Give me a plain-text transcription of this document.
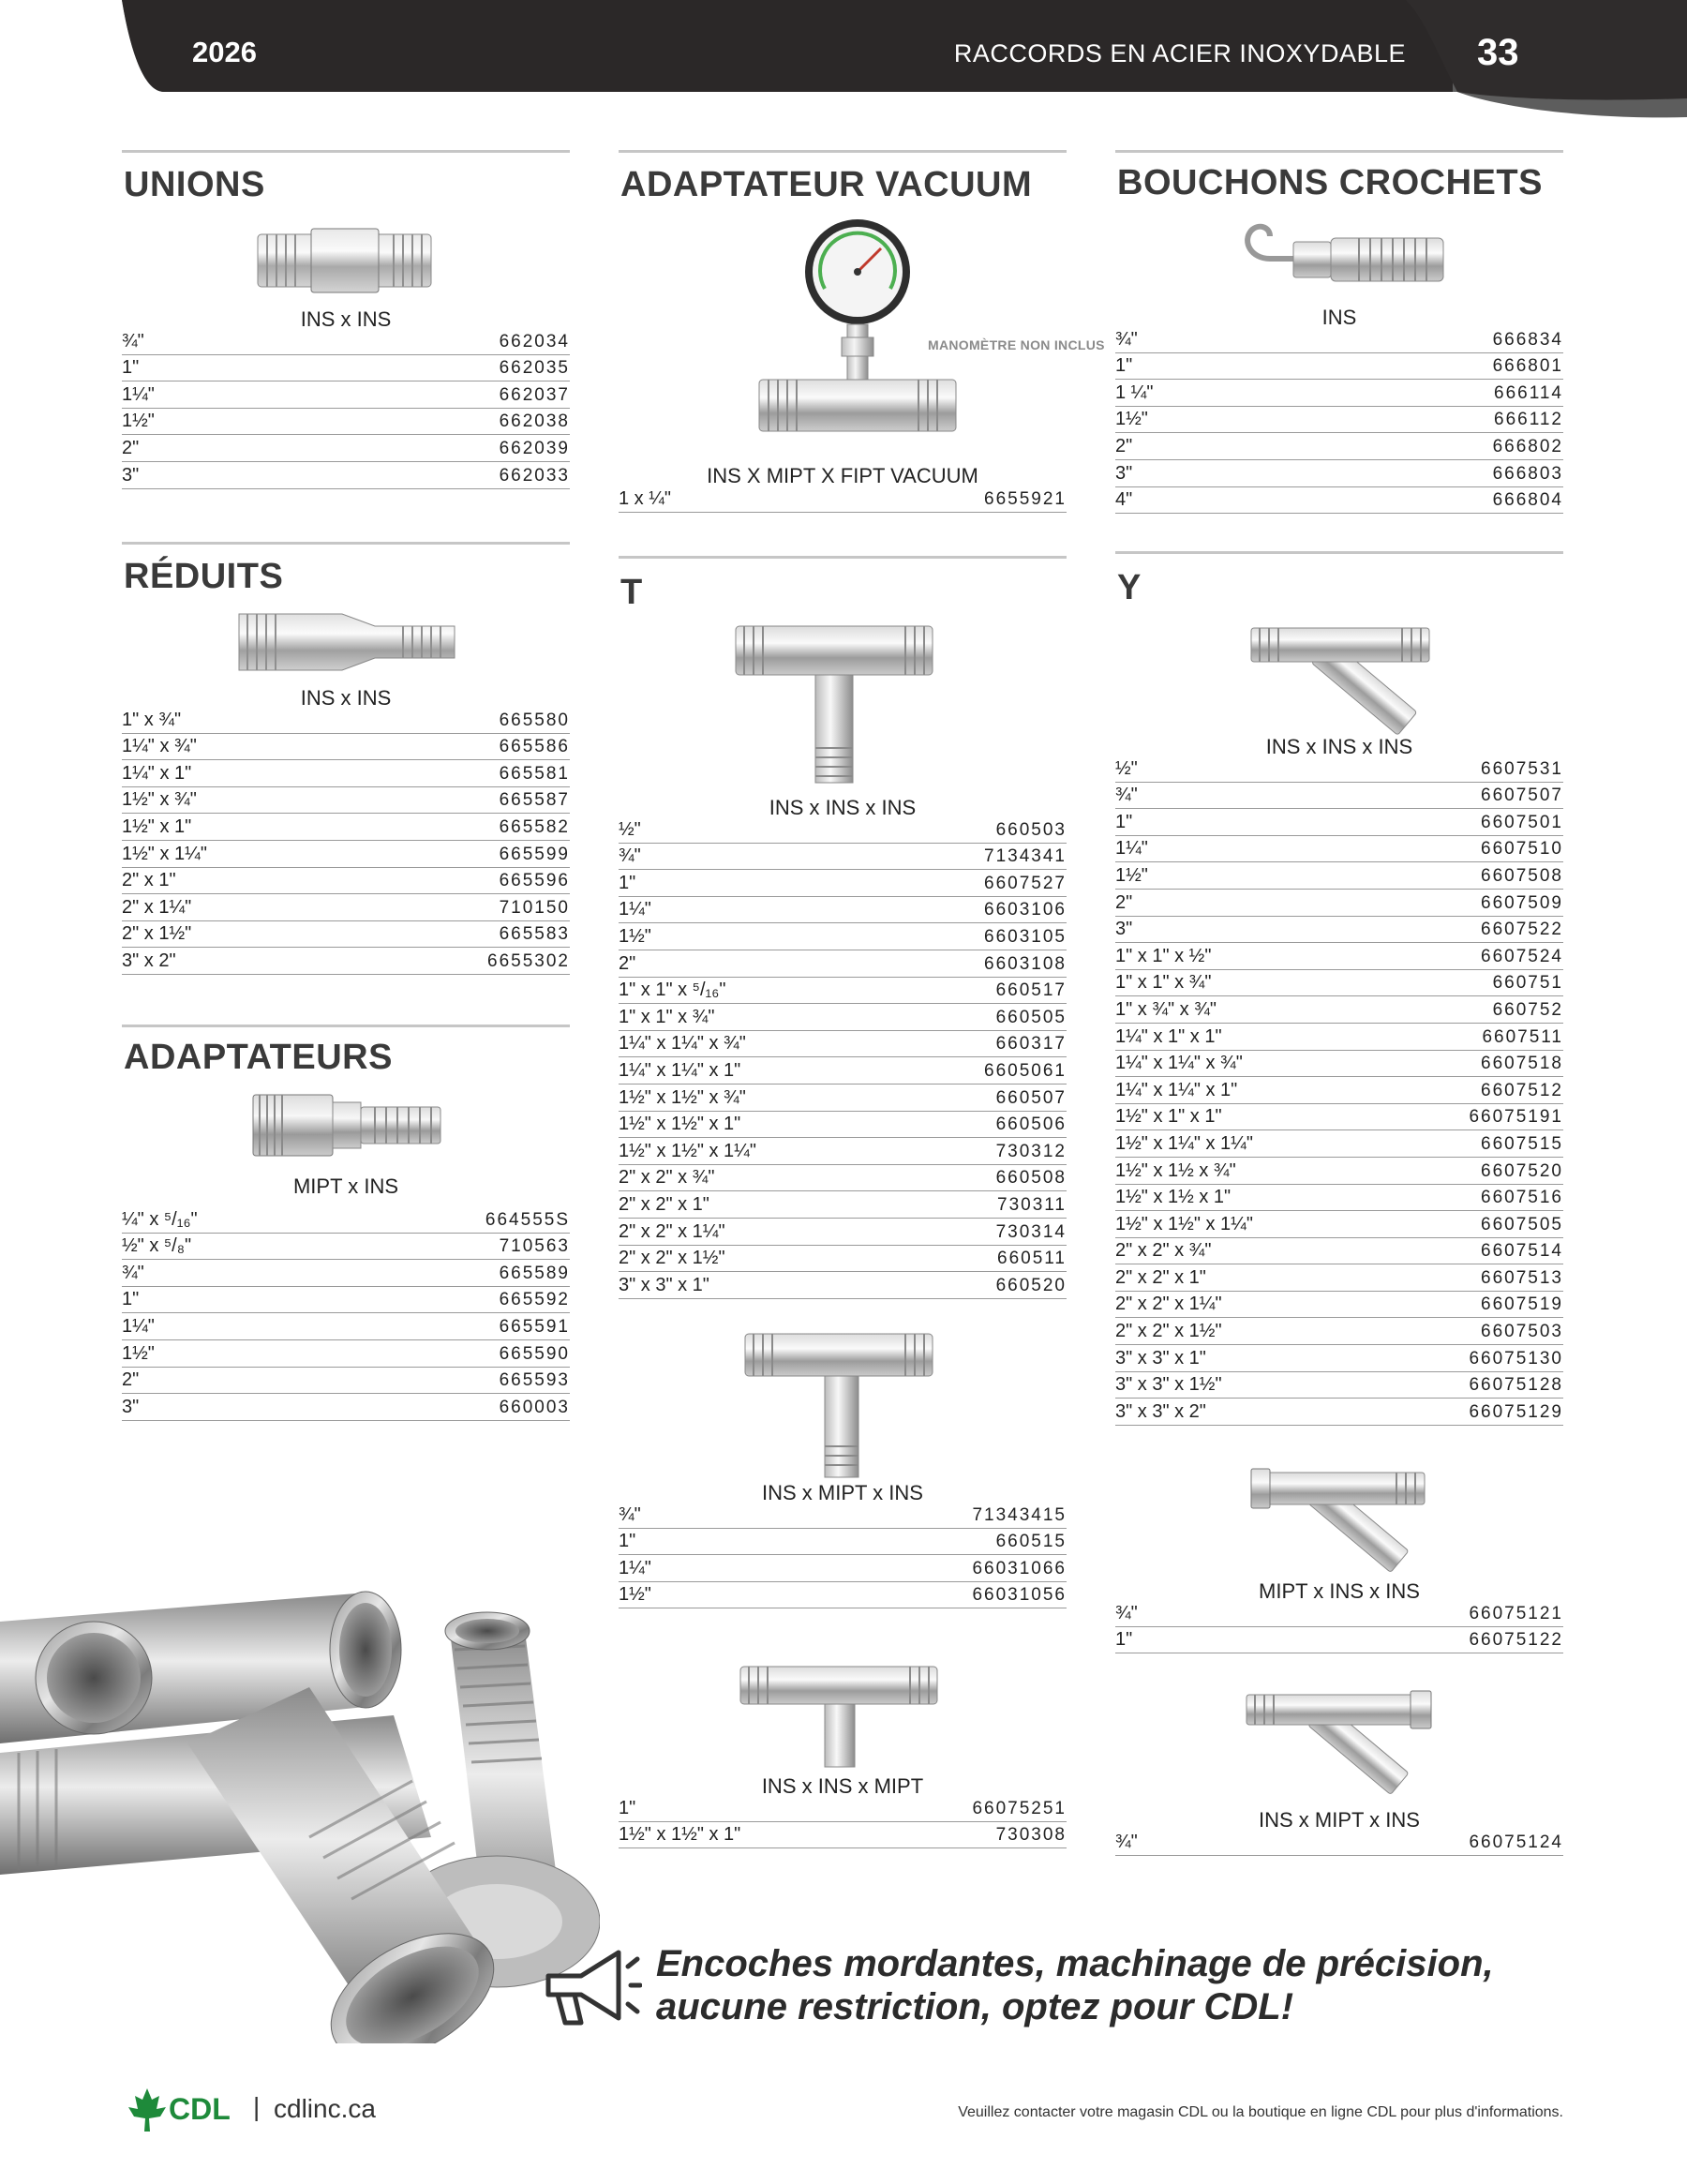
2026	RACCORDS EN ACIER INOXYDABLE 33
UNIONS
INS x INS
¾"	662034
1"	662035
1¼"	662037
1½"	662038
2"	662039
3"	662033
RÉDUITS
INS x INS
1" x ¾"	665580
1¼" x ¾"	665586
1¼" x 1"	665581
1½" x ¾"	665587
1½" x 1"	665582
1½" x 1¼"	665599
2" x 1"	665596
2" x 1¼"	710150
2" x 1½"	665583
3" x 2"	6655302
ADAPTATEURS
MIPT x INS
¼" x ⁵/₁₆"	664555S
½" x ⁵/₈"	710563
¾"	665589
1"	665592
1¼"	665591
1½"	665590
2"	665593
3"	660003
ADAPTATEUR VACUUM
MANOMÈTRE NON INCLUS
INS X MIPT X FIPT VACUUM
1 x ¼"	6655921
T
INS x INS x INS
½"	660503
¾"	7134341
1"	6607527
1¼"	6603106
1½"	6603105
2"	6603108
1" x 1" x ⁵/₁₆"	660517
1" x 1" x ¾"	660505
1¼" x 1¼" x ¾"	660317
1¼" x 1¼" x 1"	6605061
1½" x 1½" x ¾"	660507
1½" x 1½" x 1"	660506
1½" x 1½" x 1¼"	730312
2" x 2" x ¾"	660508
2" x 2" x 1"	730311
2" x 2" x 1¼"	730314
2" x 2" x 1½"	660511
3" x 3" x 1"	660520
INS x MIPT x INS
¾"	71343415
1"	660515
1¼"	66031066
1½"	66031056
INS x INS x MIPT
1"	66075251
1½" x 1½" x 1"	730308
BOUCHONS CROCHETS
INS
¾"	666834
1"	666801
1 ¼"	666114
1½"	666112
2"	666802
3"	666803
4"	666804
Y
INS x INS x INS
½"	6607531
¾"	6607507
1"	6607501
1¼"	6607510
1½"	6607508
2"	6607509
3"	6607522
1" x 1" x ½"	6607524
1" x 1" x ¾"	660751
1" x ¾" x ¾"	660752
1¼" x 1" x 1"	6607511
1¼" x 1¼" x ¾"	6607518
1¼" x 1¼" x 1"	6607512
1½" x 1" x 1"	66075191
1½" x 1¼" x 1¼"	6607515
1½" x 1½ x ¾"	6607520
1½" x 1½ x 1"	6607516
1½" x 1½" x 1¼"	6607505
2" x 2" x ¾"	6607514
2" x 2" x 1"	6607513
2" x 2" x 1¼"	6607519
2" x 2" x 1½"	6607503
3" x 3" x 1"	66075130
3" x 3" x 1½"	66075128
3" x 3" x 2"	66075129
MIPT x INS x INS
¾"	66075121
1"	66075122
INS x MIPT x INS
¾"	66075124
Encoches mordantes, machinage de précision,
aucune restriction, optez pour CDL!
CDL | cdlinc.ca	Veuillez contacter votre magasin CDL ou la boutique en ligne CDL pour plus d'informations.
